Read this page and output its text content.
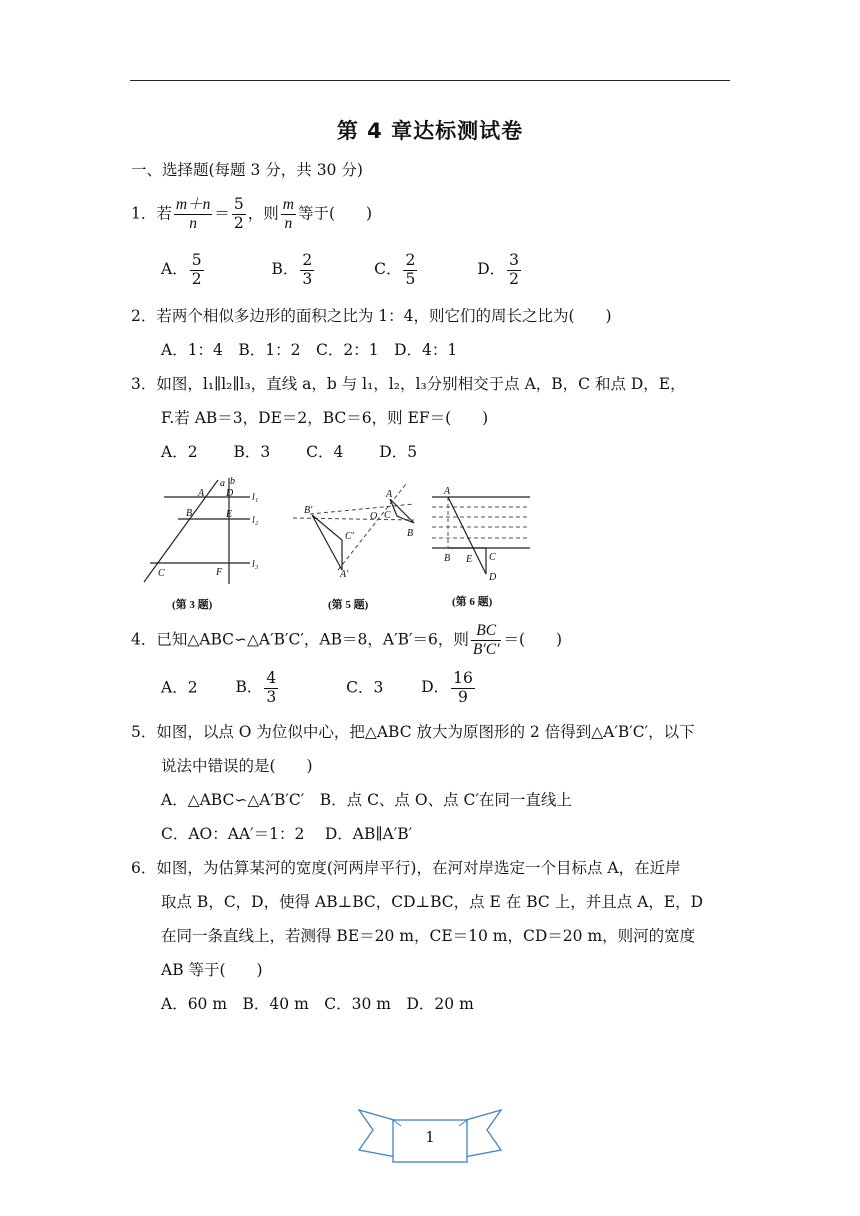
第 4 章达标测试卷
一、选择题(每题 3 分，共 30 分)
1．若 $\frac{m+n}{n} = \frac{5}{2}$ ，则 $\frac{m}{n}$ 等于(　　)
A． $\frac{5}{2}$	B． $\frac{2}{3}$	C． $\frac{2}{5}$	D． $\frac{3}{2}$
2．若两个相似多边形的面积之比为 1：4，则它们的周长之比为(　　)
A．1：4　B．1：2　C．2：1　D．4：1
3．如图，l₁∥l₂∥l₃，直线 a，b 与 l₁，l₂，l₃分别相交于点 A，B，C 和点 D，E，
F.若 AB＝3，DE＝2，BC＝6，则 EF＝(　　)
A．2　　 B．3　　 C．4　　 D．5
a b
A D
B	E
C	F
l₁
l₂
l₃
(第 3 题)
B′
C′
A′
O
A
C
B
(第 5 题)
A
B E C
D
(第 6 题)
4．已知△ABC∽△A′B′C′，AB＝8，A′B′＝6，则 $\frac{BC}{B'C'}$ ＝(　　)
A．2 B． $\frac{4}{3}$	C．3 D． $\frac{16}{9}$
5．如图，以点 O 为位似中心，把△ABC 放大为原图形的 2 倍得到△A′B′C′，以下
说法中错误的是(　　)
A．△ABC∽△A′B′C′　B．点 C、点 O、点 C′在同一直线上
C．AO：AA′＝1：2　 D．AB∥A′B′
6．如图，为估算某河的宽度(河两岸平行)，在河对岸选定一个目标点 A，在近岸
取点 B，C，D，使得 AB⊥BC，CD⊥BC，点 E 在 BC 上，并且点 A，E，D
在同一条直线上，若测得 BE＝20 m，CE＝10 m，CD＝20 m，则河的宽度
AB 等于(　　)
A．60 m　B．40 m　C．30 m　D．20 m
1
